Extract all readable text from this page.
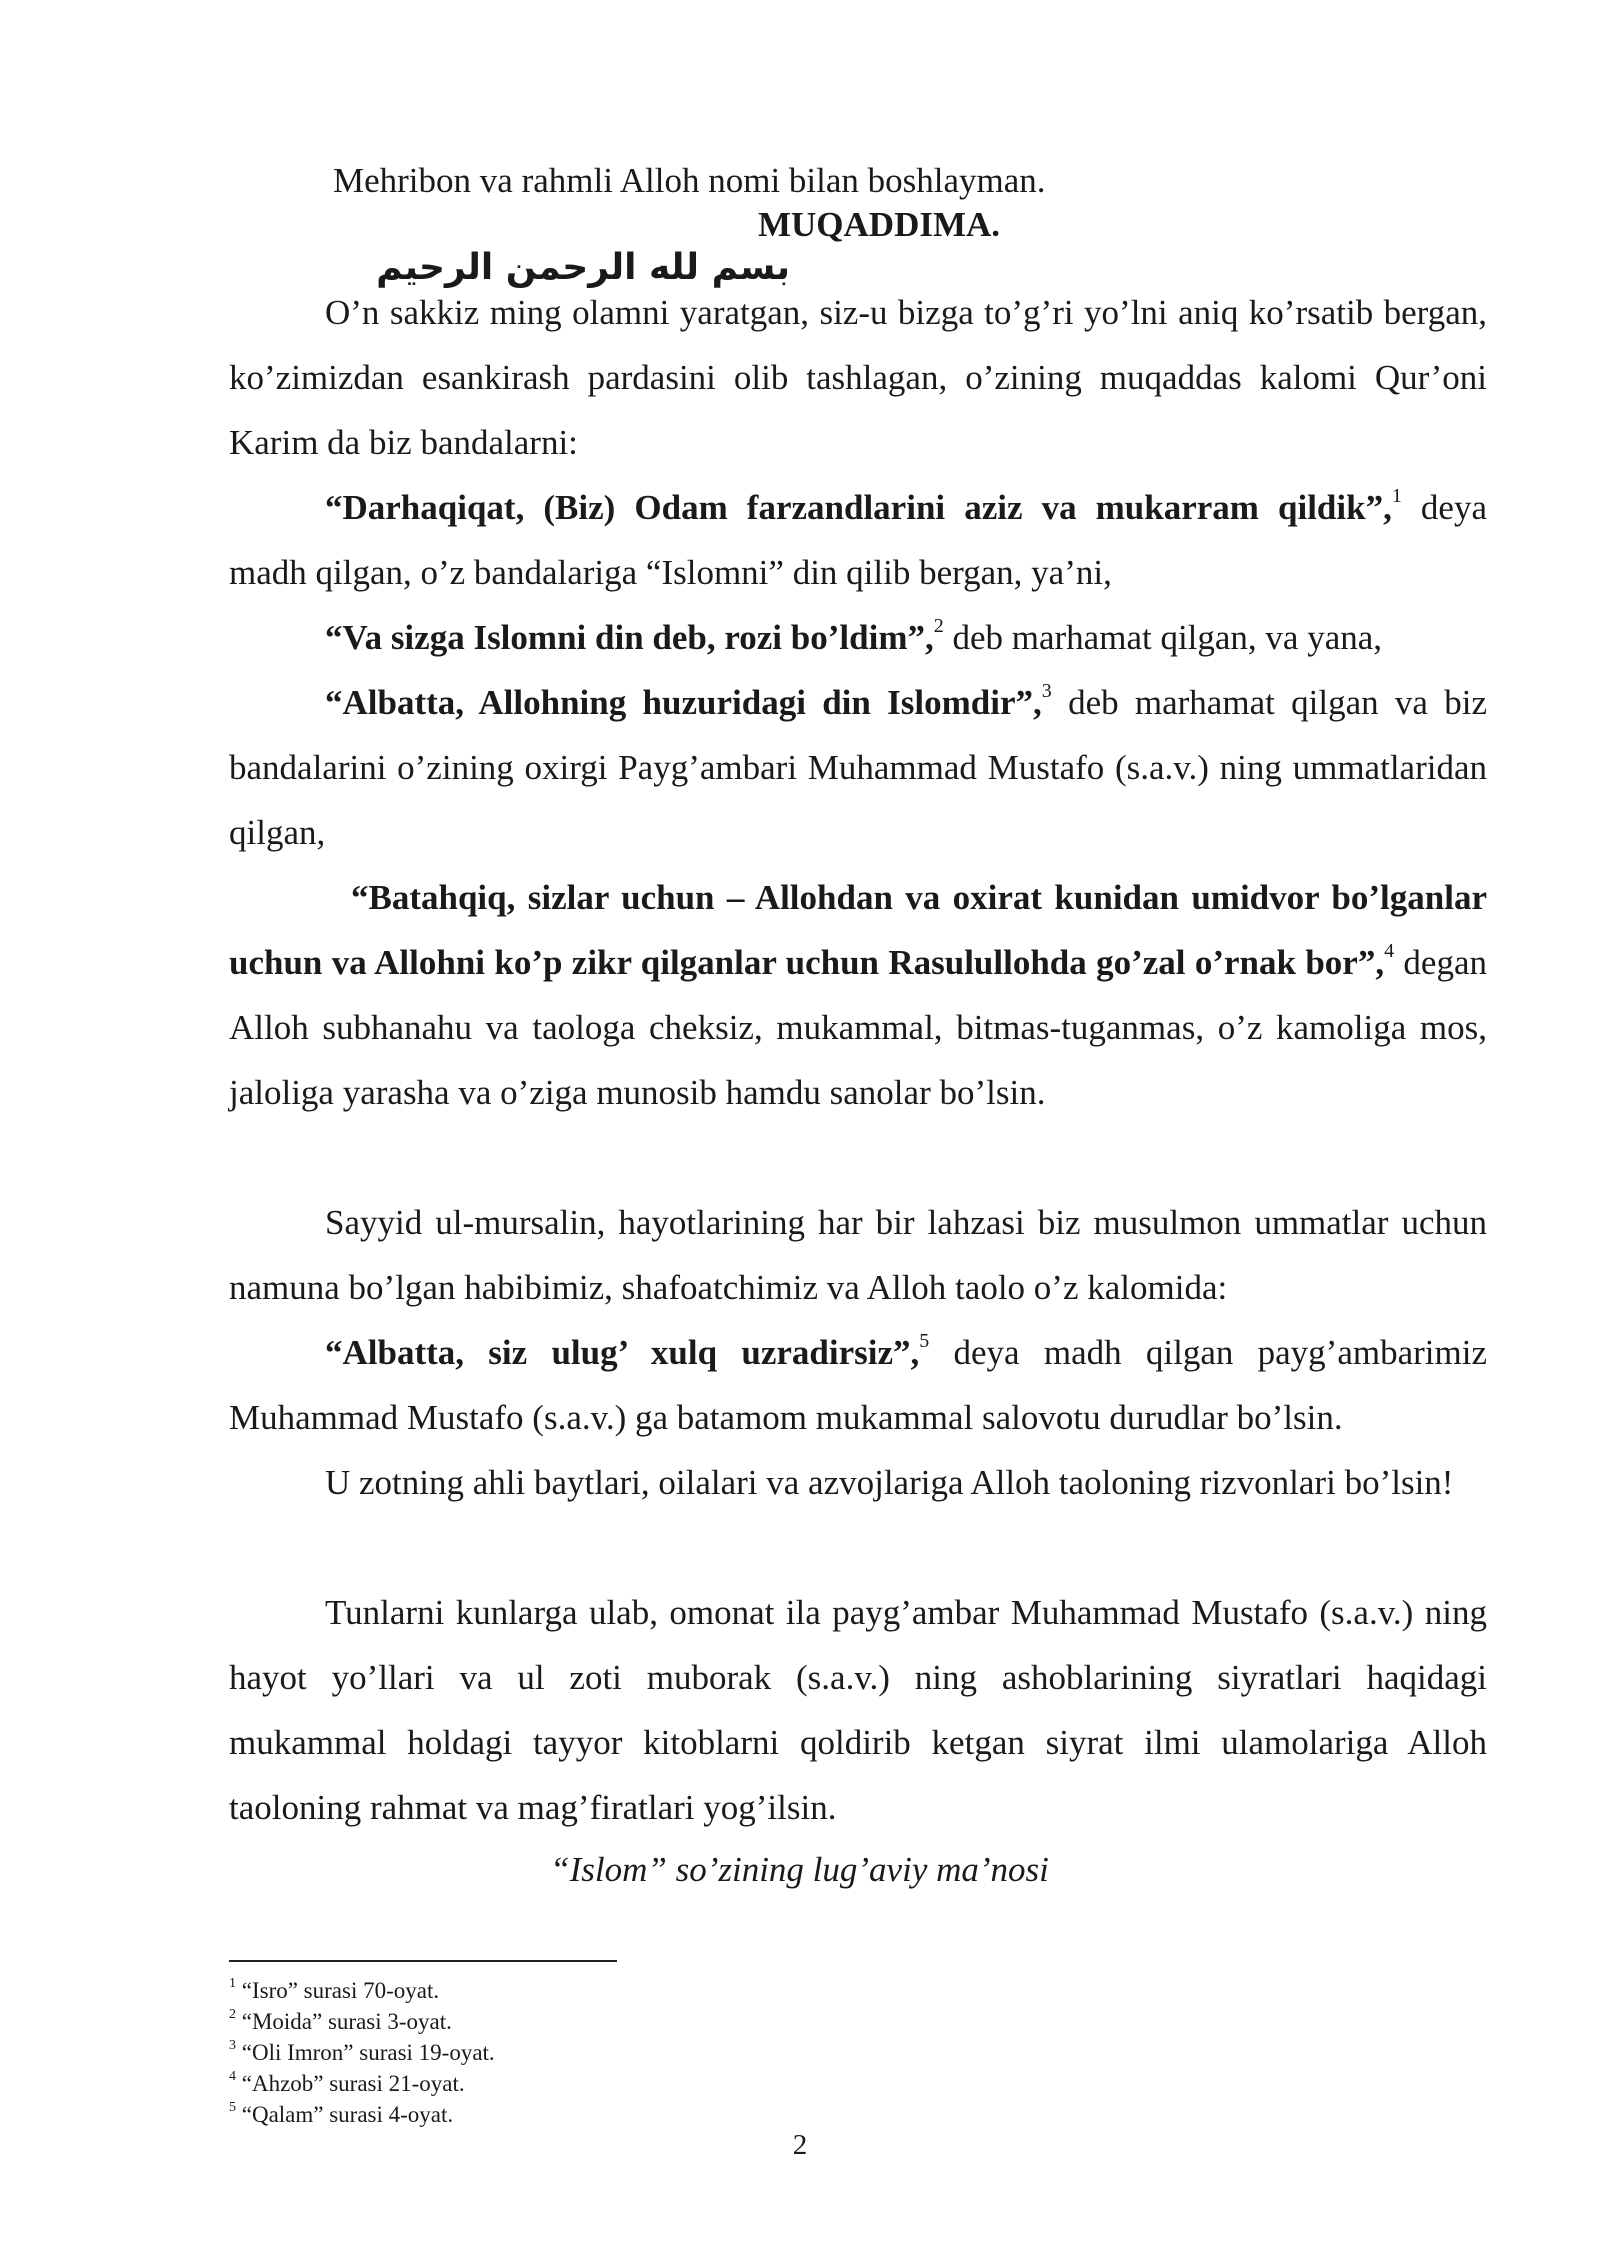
Mehribon va rahmli Alloh nomi bilan boshlayman.
MUQADDIMA.
بسم لله الرحمن الرحيم

O’n sakkiz ming olamni yaratgan, siz-u bizga to’g’ri yo’lni aniq ko’rsatib bergan, ko’zimizdan esankirash pardasini olib tashlagan, o’zining muqaddas kalomi Qur’oni Karim da biz bandalarni:

“Darhaqiqat, (Biz) Odam farzandlarini aziz va mukarram qildik”,$^1$ deya madh qilgan, o’z bandalariga “Islomni” din qilib bergan, ya’ni,

“Va sizga Islomni din deb, rozi bo’ldim”,$^2$ deb marhamat qilgan, va yana,

“Albatta, Allohning huzuridagi din Islomdir”,$^3$ deb marhamat qilgan va biz bandalarini o’zining oxirgi Payg’ambari Muhammad Mustafo (s.a.v.) ning ummatlaridan qilgan,

“Batahqiq, sizlar uchun – Allohdan va oxirat kunidan umidvor bo’lganlar uchun va Allohni ko’p zikr qilganlar uchun Rasulullohda go’zal o’rnak bor”,$^4$ degan Alloh subhanahu va taologa cheksiz, mukammal, bitmas-tuganmas, o’z kamoliga mos, jaloliga yarasha va o’ziga munosib hamdu sanolar bo’lsin.

Sayyid ul-mursalin, hayotlarining har bir lahzasi biz musulmon ummatlar uchun namuna bo’lgan habibimiz, shafoatchimiz va Alloh taolo o’z kalomida:

“Albatta, siz ulug’ xulq uzradirsiz”,$^5$ deya madh qilgan payg’ambarimiz Muhammad Mustafo (s.a.v.) ga batamom mukammal salovotu durudlar bo’lsin.

U zotning ahli baytlari, oilalari va azvojlariga Alloh taoloning rizvonlari bo’lsin!

Tunlarni kunlarga ulab, omonat ila payg’ambar Muhammad Mustafo (s.a.v.) ning hayot yo’llari va ul zoti muborak (s.a.v.) ning ashoblarining siyratlari haqidagi mukammal holdagi tayyor kitoblarni qoldirib ketgan siyrat ilmi ulamolariga Alloh taoloning rahmat va mag’firatlari yog’ilsin.

“Islom” so’zining lug’aviy ma’nosi
$^1$ “Isro” surasi 70-oyat.
$^2$ “Moida” surasi 3-oyat.
$^3$ “Oli Imron” surasi 19-oyat.
$^4$ “Ahzob” surasi 21-oyat.
$^5$ “Qalam” surasi 4-oyat.
2
